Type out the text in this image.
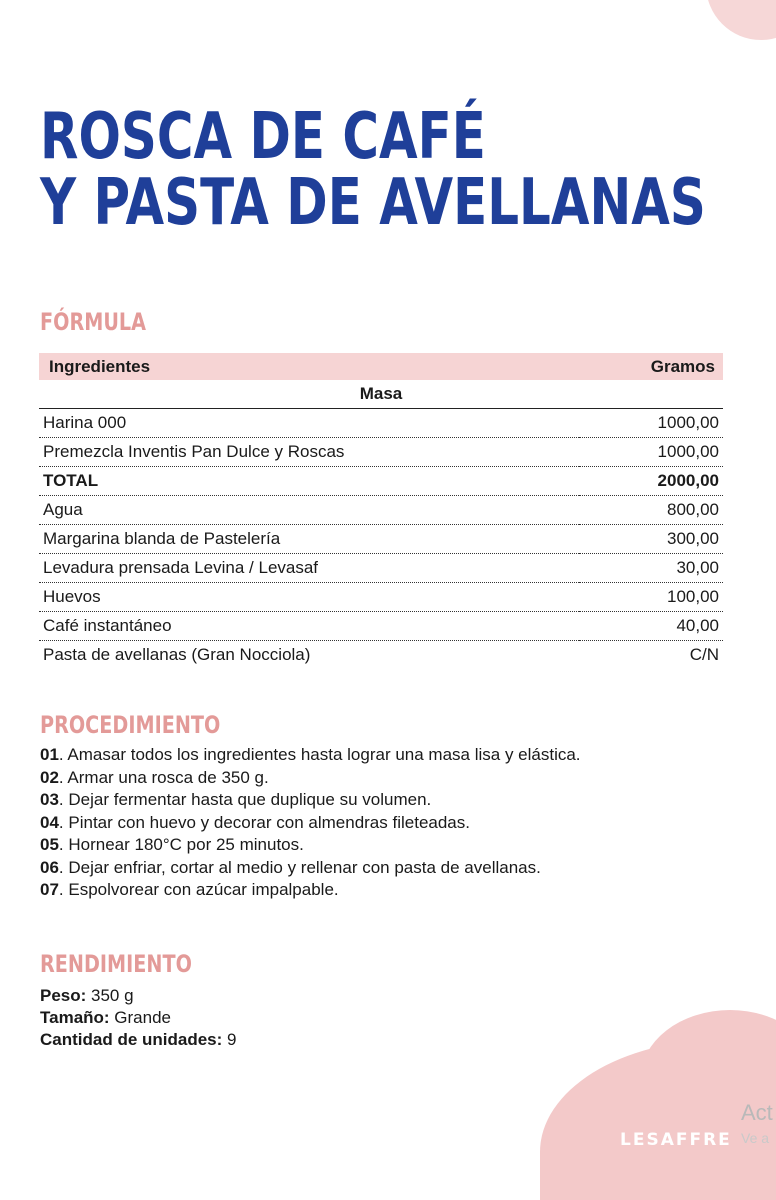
LESAFFRE
Act
Ve a
ROSCA DE CAFÉ
Y PASTA DE AVELLANAS
FÓRMULA
Ingredientes	Gramos
Masa	
Harina 000	1000,00
Premezcla Inventis Pan Dulce y Roscas	1000,00
TOTAL	2000,00
Agua	800,00
Margarina blanda de Pastelería	300,00
Levadura prensada Levina / Levasaf	30,00
Huevos	100,00
Café instantáneo	40,00
Pasta de avellanas (Gran Nocciola)	C/N
PROCEDIMIENTO
01. Amasar todos los ingredientes hasta lograr una masa lisa y elástica.
02. Armar una rosca de 350 g.
03. Dejar fermentar hasta que duplique su volumen.
04. Pintar con huevo y decorar con almendras fileteadas.
05. Hornear 180°C por 25 minutos.
06. Dejar enfriar, cortar al medio y rellenar con pasta de avellanas.
07. Espolvorear con azúcar impalpable.
RENDIMIENTO
Peso: 350 g
Tamaño: Grande
Cantidad de unidades: 9
